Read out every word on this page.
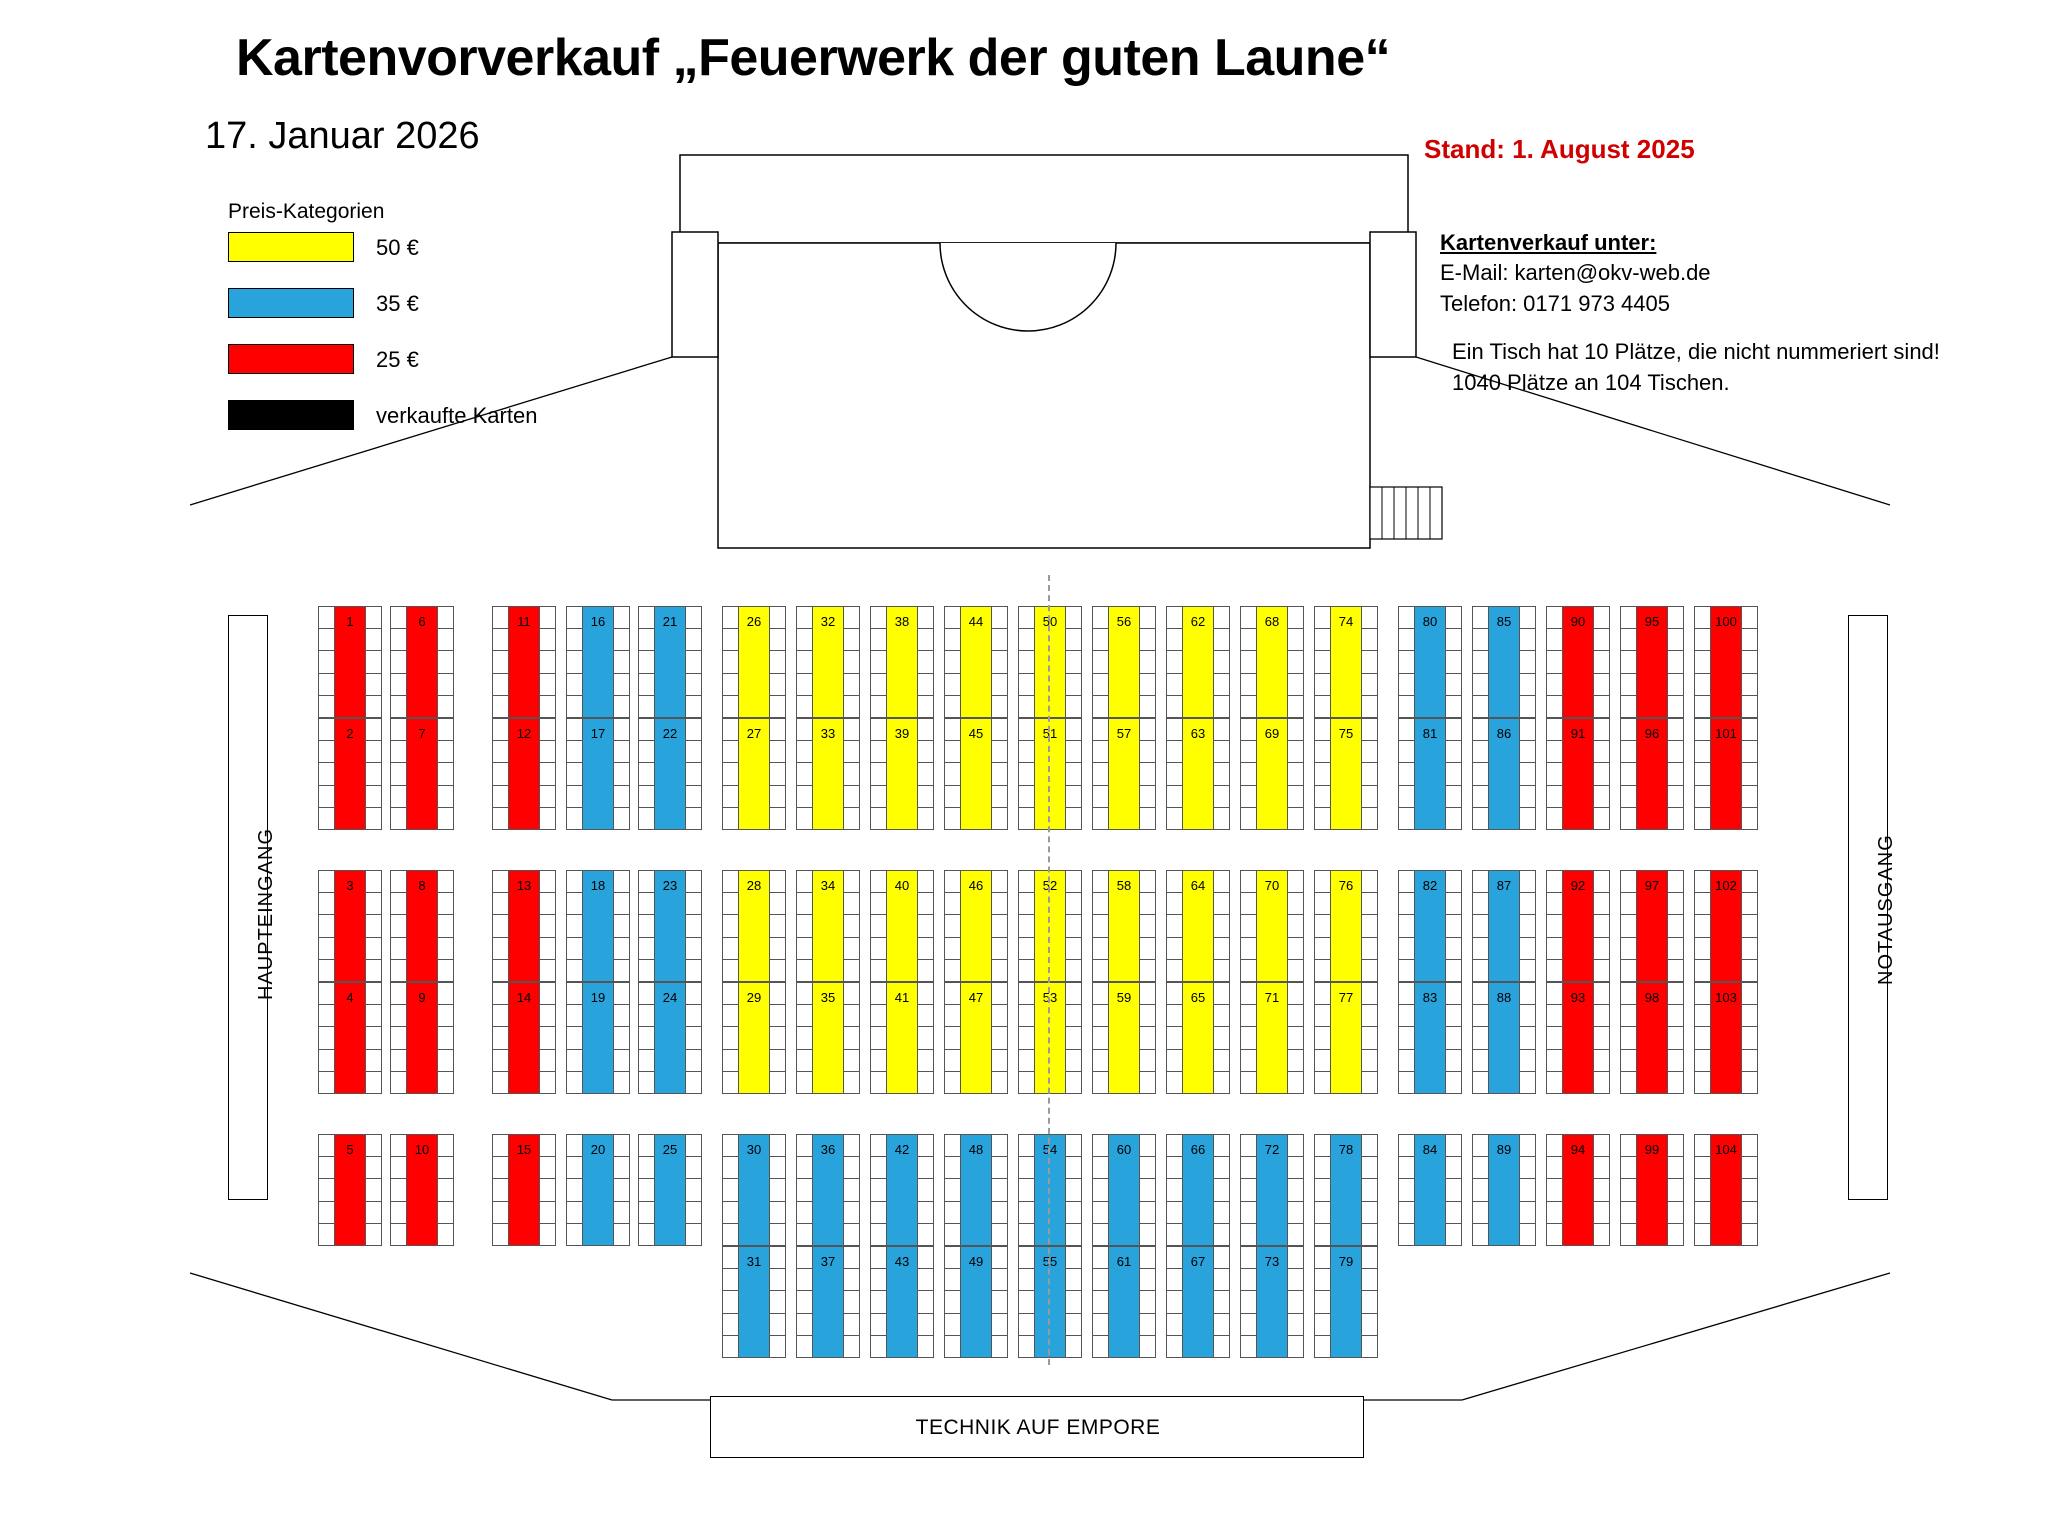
Kartenvorverkauf „Feuerwerk der guten Laune“
17. Januar 2026	Stand: 1. August 2025
Preis-Kategorien
50 €
35 €
25 €
verkaufte Karten
Kartenverkauf unter:
E-Mail: karten@okv-web.de
Telefon: 0171 973 4405
Ein Tisch hat 10 Plätze, die nicht nummeriert sind!
1040 Plätze an 104 Tischen.
HAUPTEINGANG	NOTAUSGANG
TECHNIK AUF EMPORE
1
2
3
4
5
6
7
8
9
10
11
12
13
14
15
16
17
18
19
20
21
22
23
24
25
26
27
28
29
30
31
32
33
34
35
36
37
38
39
40
41
42
43
44
45
46
47
48
49
50
51
52
53
54
55
56
57
58
59
60
61
62
63
64
65
66
67
68
69
70
71
72
73
74
75
76
77
78
79
80
81
82
83
84
85
86
87
88
89
90
91
92
93
94
95
96
97
98
99
100
101
102
103
104
